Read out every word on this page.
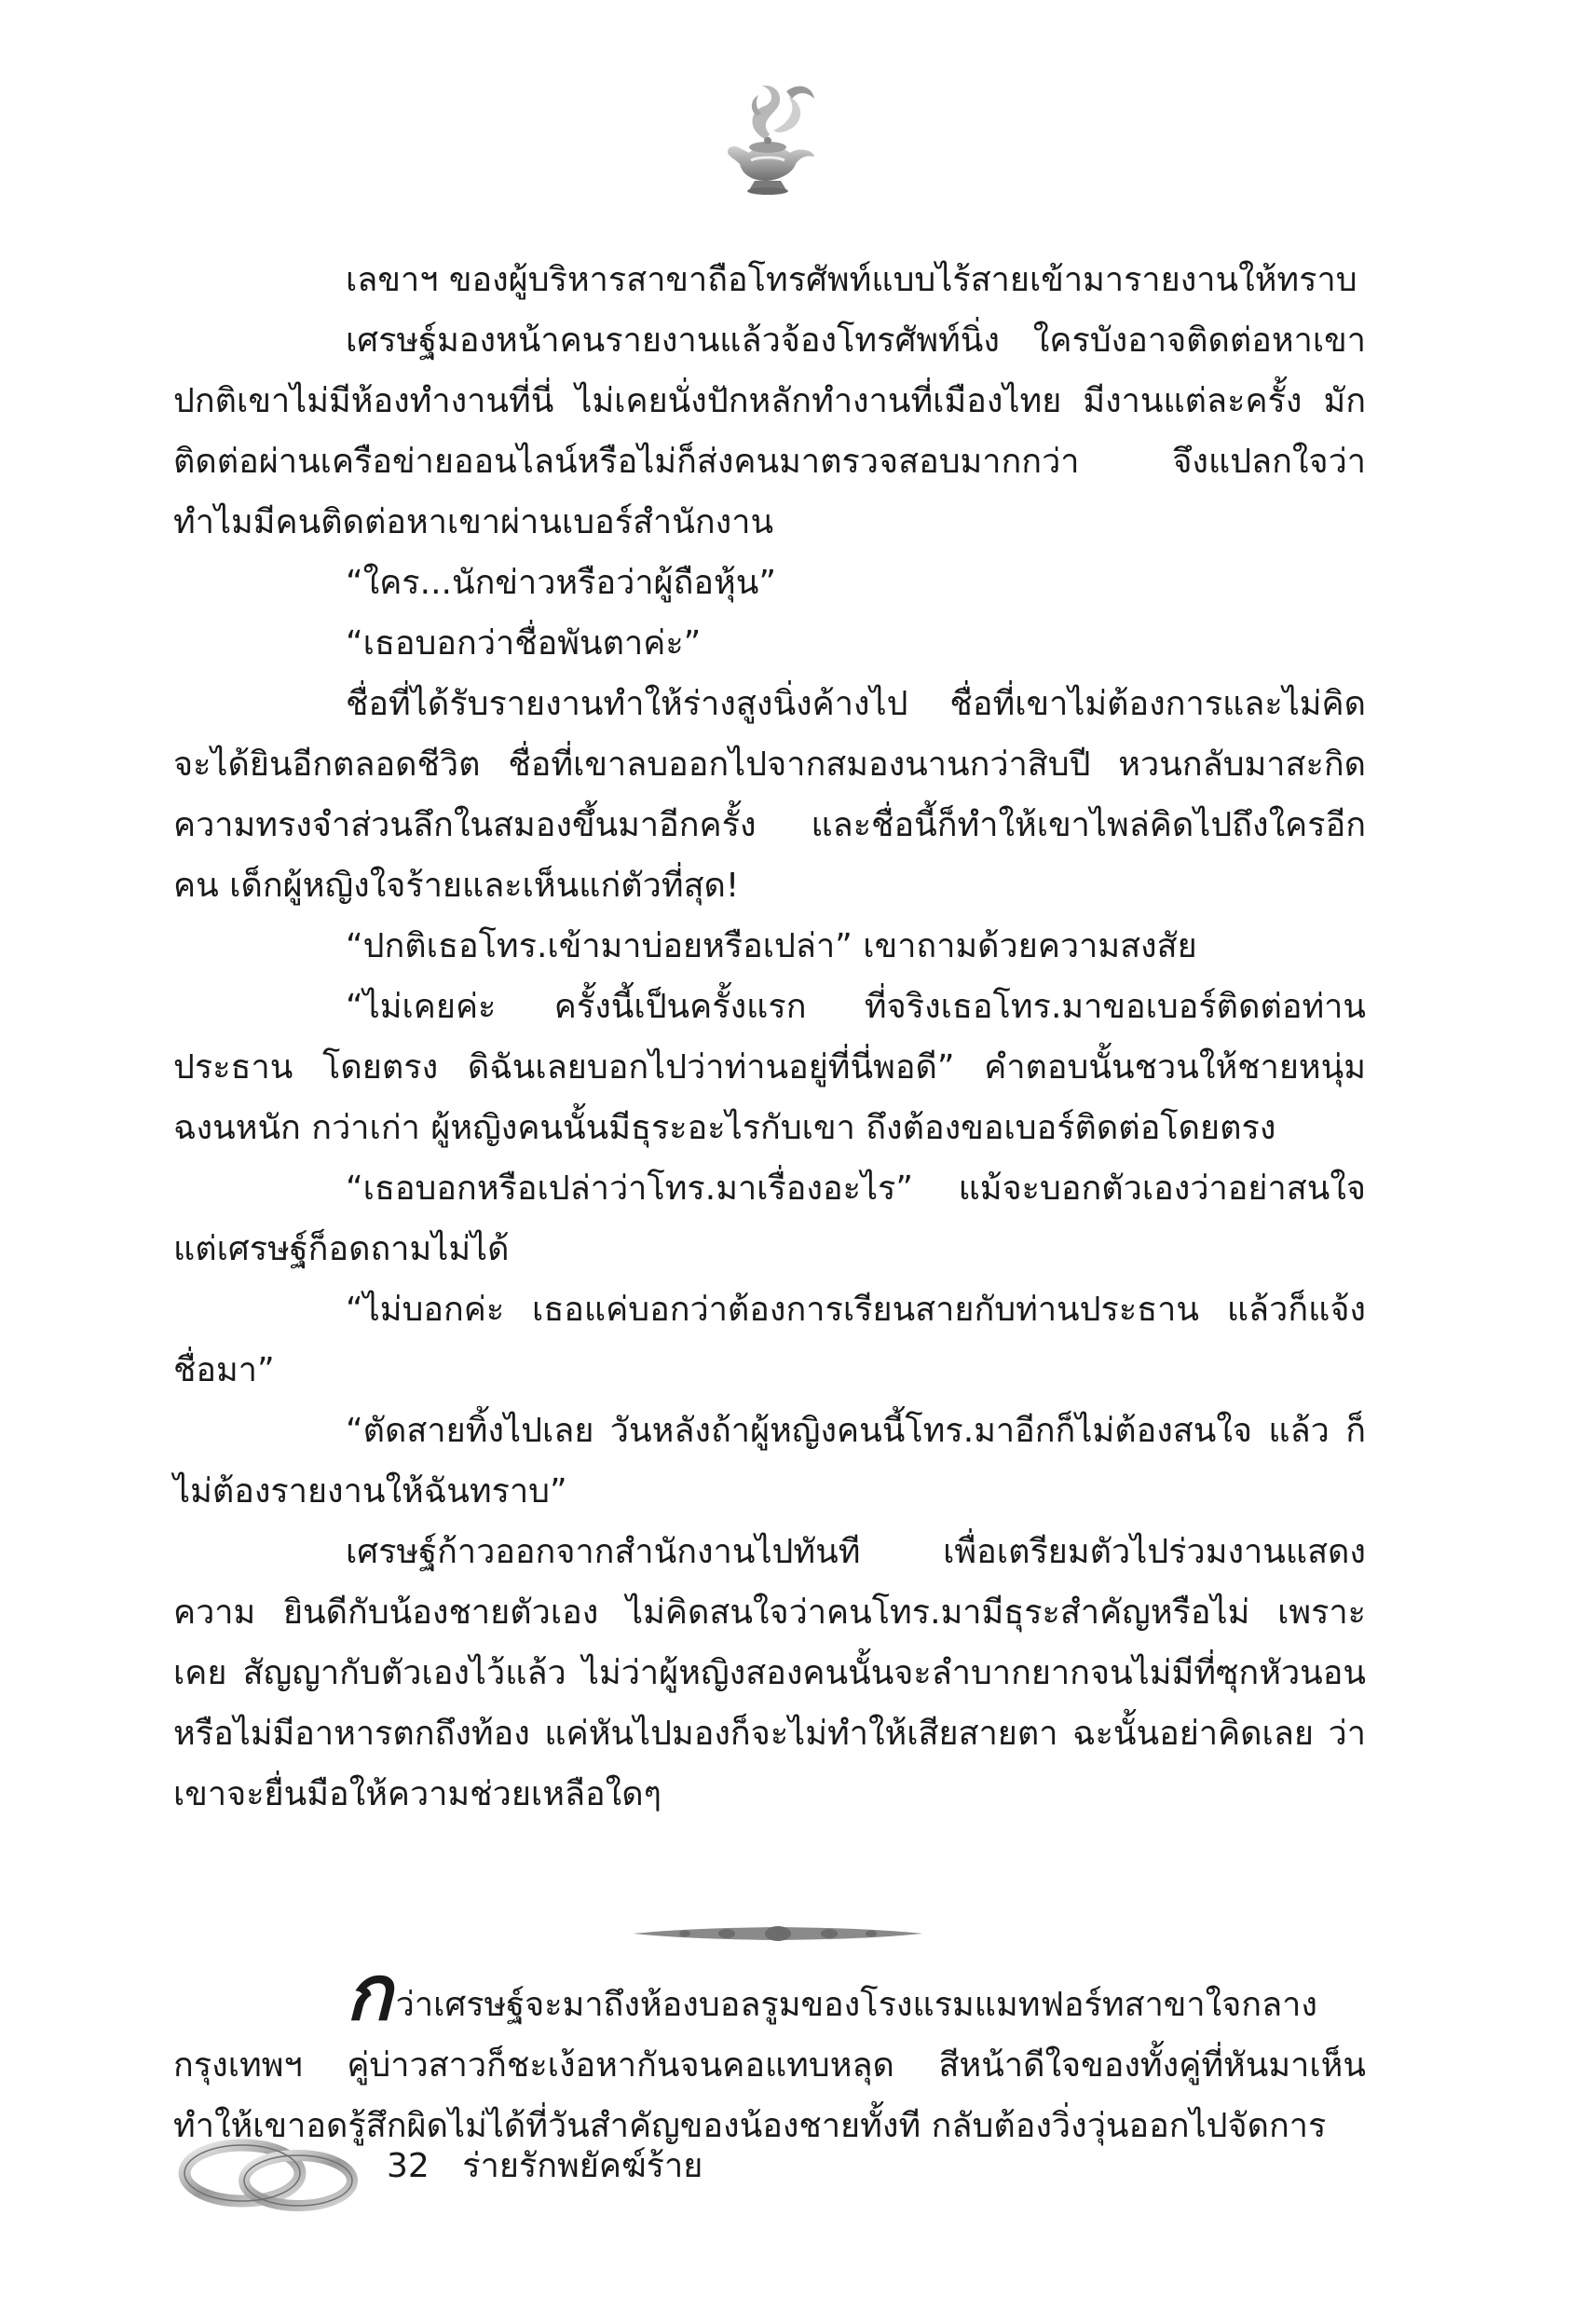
เลขาฯ ของผู้บริหารสาขาถือโทรศัพท์แบบไร้สายเข้ามารายงานให้ทราบ

เศรษฐ์มองหน้าคนรายงานแล้วจ้องโทรศัพท์นิ่ง ใครบังอาจติดต่อหาเขา ปกติเขาไม่มีห้องทำงานที่นี่ ไม่เคยนั่งปักหลักทำงานที่เมืองไทย มีงานแต่ละครั้ง มักติดต่อผ่านเครือข่ายออนไลน์หรือไม่ก็ส่งคนมาตรวจสอบมากกว่า จึงแปลกใจว่า ทำไมมีคนติดต่อหาเขาผ่านเบอร์สำนักงาน

“ใคร...นักข่าวหรือว่าผู้ถือหุ้น”

“เธอบอกว่าชื่อพันตาค่ะ”

ชื่อที่ได้รับรายงานทำให้ร่างสูงนิ่งค้างไป ชื่อที่เขาไม่ต้องการและไม่คิด จะได้ยินอีกตลอดชีวิต ชื่อที่เขาลบออกไปจากสมองนานกว่าสิบปี หวนกลับมาสะกิด ความทรงจำส่วนลึกในสมองขึ้นมาอีกครั้ง และชื่อนี้ก็ทำให้เขาไพล่คิดไปถึงใครอีกคน เด็กผู้หญิงใจร้ายและเห็นแก่ตัวที่สุด!

“ปกติเธอโทร.เข้ามาบ่อยหรือเปล่า” เขาถามด้วยความสงสัย

“ไม่เคยค่ะ ครั้งนี้เป็นครั้งแรก ที่จริงเธอโทร.มาขอเบอร์ติดต่อท่านประธาน โดยตรง ดิฉันเลยบอกไปว่าท่านอยู่ที่นี่พอดี” คำตอบนั้นชวนให้ชายหนุ่มฉงนหนัก กว่าเก่า ผู้หญิงคนนั้นมีธุระอะไรกับเขา ถึงต้องขอเบอร์ติดต่อโดยตรง

“เธอบอกหรือเปล่าว่าโทร.มาเรื่องอะไร” แม้จะบอกตัวเองว่าอย่าสนใจ แต่เศรษฐ์ก็อดถามไม่ได้

“ไม่บอกค่ะ เธอแค่บอกว่าต้องการเรียนสายกับท่านประธาน แล้วก็แจ้ง ชื่อมา”

“ตัดสายทิ้งไปเลย วันหลังถ้าผู้หญิงคนนี้โทร.มาอีกก็ไม่ต้องสนใจ แล้ว ก็ไม่ต้องรายงานให้ฉันทราบ”

เศรษฐ์ก้าวออกจากสำนักงานไปทันที เพื่อเตรียมตัวไปร่วมงานแสดงความ ยินดีกับน้องชายตัวเอง ไม่คิดสนใจว่าคนโทร.มามีธุระสำคัญหรือไม่ เพราะเคย สัญญากับตัวเองไว้แล้ว ไม่ว่าผู้หญิงสองคนนั้นจะลำบากยากจนไม่มีที่ซุกหัวนอน หรือไม่มีอาหารตกถึงท้อง แค่หันไปมองก็จะไม่ทำให้เสียสายตา ฉะนั้นอย่าคิดเลย ว่าเขาจะยื่นมือให้ความช่วยเหลือใดๆ

กว่าเศรษฐ์จะมาถึงห้องบอลรูมของโรงแรมแมทฟอร์ทสาขาใจกลาง กรุงเทพฯ คู่บ่าวสาวก็ชะเง้อหากันจนคอแทบหลุด สีหน้าดีใจของทั้งคู่ที่หันมาเห็น ทำให้เขาอดรู้สึกผิดไม่ได้ที่วันสำคัญของน้องชายทั้งที กลับต้องวิ่งวุ่นออกไปจัดการ

32 ร่ายรักพยัคฆ์ร้าย
